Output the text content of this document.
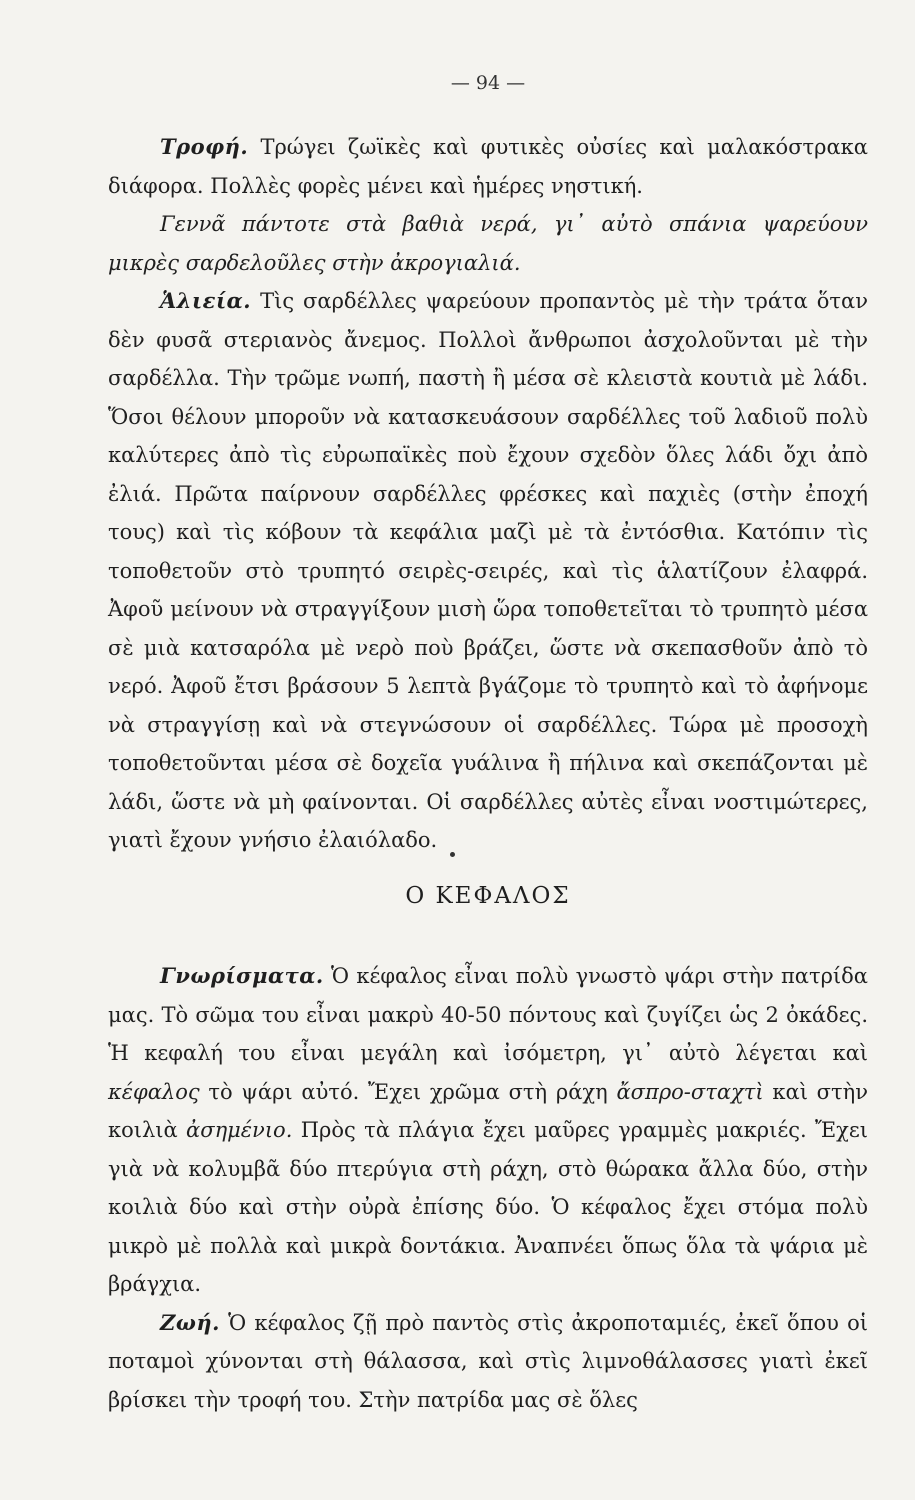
— 94 —

Τροφή. Τρώγει ζωϊκὲς καὶ φυτικὲς οὐσίες καὶ μαλακόστρακα διάφορα. Πολλὲς φορὲς μένει καὶ ἡμέρες νηστική.

Γεννᾶ πάντοτε στὰ βαθιὰ νερά, γι᾽ αὐτὸ σπάνια ψαρεύουν μικρὲς σαρδελοῦλες στὴν ἀκρογιαλιά.

Ἁλιεία. Τὶς σαρδέλλες ψαρεύουν προπαντὸς μὲ τὴν τράτα ὅταν δὲν φυσᾶ στεριανὸς ἄνεμος. Πολλοὶ ἄνθρωποι ἀσχολοῦνται μὲ τὴν σαρδέλλα. Τὴν τρῶμε νωπή, παστὴ ἢ μέσα σὲ κλειστὰ κουτιὰ μὲ λάδι. Ὅσοι θέλουν μποροῦν νὰ κατασκευάσουν σαρδέλλες τοῦ λαδιοῦ πολὺ καλύτερες ἀπὸ τὶς εὐρωπαϊκὲς ποὺ ἔχουν σχεδὸν ὅλες λάδι ὄχι ἀπὸ ἐλιά. Πρῶτα παίρνουν σαρδέλλες φρέσκες καὶ παχιὲς (στὴν ἐποχή τους) καὶ τὶς κόβουν τὰ κεφάλια μαζὶ μὲ τὰ ἐντόσθια. Κατόπιν τὶς τοποθετοῦν στὸ τρυπητό σειρὲς-σειρές, καὶ τὶς ἁλατίζουν ἐλαφρά. Ἀφοῦ μείνουν νὰ στραγγίξουν μισὴ ὥρα τοποθετεῖται τὸ τρυπητὸ μέσα σὲ μιὰ κατσαρόλα μὲ νερὸ ποὺ βράζει, ὥστε νὰ σκεπασθοῦν ἀπὸ τὸ νερό. Ἀφοῦ ἔτσι βράσουν 5 λεπτὰ βγάζομε τὸ τρυπητὸ καὶ τὸ ἀφήνομε νὰ στραγγίσῃ καὶ νὰ στεγνώσουν οἱ σαρδέλλες. Τώρα μὲ προσοχὴ τοποθετοῦνται μέσα σὲ δοχεῖα γυάλινα ἢ πήλινα καὶ σκεπάζονται μὲ λάδι, ὥστε νὰ μὴ φαίνονται. Οἱ σαρδέλλες αὐτὲς εἶναι νοστιμώτερες, γιατὶ ἔχουν γνήσιο ἐλαιόλαδο.

Ο ΚΕΦΑΛΟΣ

Γνωρίσματα. Ὁ κέφαλος εἶναι πολὺ γνωστὸ ψάρι στὴν πατρίδα μας. Τὸ σῶμα του εἶναι μακρὺ 40-50 πόντους καὶ ζυγίζει ὡς 2 ὀκάδες. Ἡ κεφαλή του εἶναι μεγάλη καὶ ἰσόμετρη, γι᾽ αὐτὸ λέγεται καὶ κέφαλος τὸ ψάρι αὐτό. Ἔχει χρῶμα στὴ ράχη ἄσπρο-σταχτὶ καὶ στὴν κοιλιὰ ἀσημένιο. Πρὸς τὰ πλάγια ἔχει μαῦρες γραμμὲς μακριές. Ἔχει γιὰ νὰ κολυμβᾶ δύο πτερύγια στὴ ράχη, στὸ θώρακα ἄλλα δύο, στὴν κοιλιὰ δύο καὶ στὴν οὐρὰ ἐπίσης δύο. Ὁ κέφαλος ἔχει στόμα πολὺ μικρὸ μὲ πολλὰ καὶ μικρὰ δοντάκια. Ἀναπνέει ὅπως ὅλα τὰ ψάρια μὲ βράγχια.

Ζωή. Ὁ κέφαλος ζῇ πρὸ παντὸς στὶς ἀκροποταμιές, ἐκεῖ ὅπου οἱ ποταμοὶ χύνονται στὴ θάλασσα, καὶ στὶς λιμνοθάλασσες γιατὶ ἐκεῖ βρίσκει τὴν τροφή του. Στὴν πατρίδα μας σὲ ὅλες
